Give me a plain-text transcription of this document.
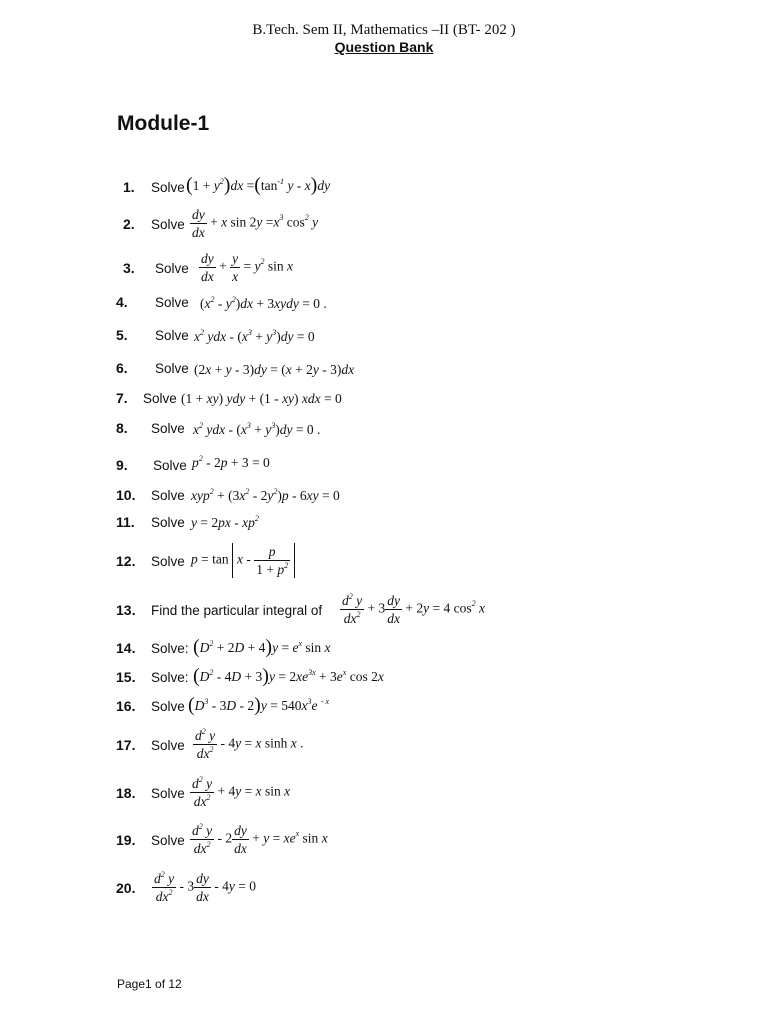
B.Tech. Sem II, Mathematics –II (BT- 202 )
Question Bank
Module-1
1. Solve $(1 + y^2)dx =(\tan^{-1}$ y - x)dy
2. Solve $\frac{dy}{dx} + x$ $\sin 2y =x^3$ $\cos^2 y$
3. Solve $\frac{dy}{dx} + \frac{y}{x} = y^2$ sin x
4. Solve $(x^2 - y^2)dx$ + 3xydy = 0 .
5. Solve $x^2$ ydx - $(x^3 + y^3)dy = 0$
6. Solve (2x + y - 3)dy = (x + 2y - 3)dx
7. Solve (1 + xy) ydy + (1 - xy) xdx = 0
8. Solve $x^2$ ydx - $(x^3 + y^3)dy = 0$ .
9. Solve $p^2 - 2p + 3 = 0$
10. Solve $xyp^2 + (3x^2 - 2y^2)p - 6xy = 0$
11. Solve $y = 2px - xp^2$
12. Solve $p = \tan x - \frac{p}{1 + p^2}$
13. Find the particular integral of $\frac{d^2 y}{dx^2} + 3 \frac{dy}{dx} + 2y = 4$ $\cos^2 x$
14. Solve: $(D^2 + 2D + 4)y = e^x$ sin x
15. Solve: $(D^2 - 4D + 3)y = 2xe^{3x} + 3e^x$ cos 2x
16. Solve $(D^3 - 3D - 2)y = 540x^3e$ $^{- x}$
17. Solve $\frac{d^2 y}{dx^2} - 4y = x$ sinh x .
18. Solve $\frac{d^2 y}{dx^2} + 4y = x$ sin x
19. Solve $\frac{d^2 y}{dx^2} - 2 \frac{dy}{dx} + y = xe^x$ sin x
20. $\frac{d^2 y}{dx^2} - 3 \frac{dy}{dx} - 4y = 0$
Page1 of 12
